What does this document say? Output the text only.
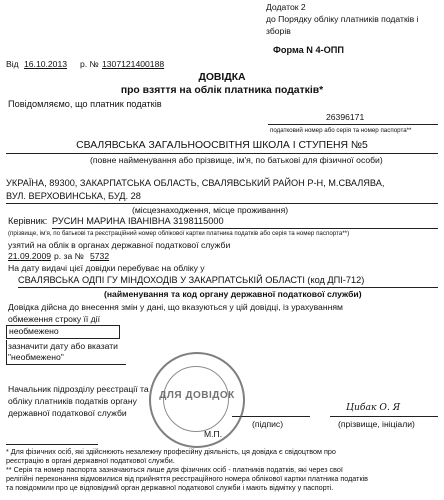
Додаток 2
до Порядку обліку платників податків і
зборів
Форма N 4-ОПП
Від 16.10.2013 р. № 1307121400188
ДОВІДКА
про взяття на облік платника податків*
Повідомляємо, що платник податків
26396171
податковий номер або серія та номер паспорта**
СВАЛЯВСЬКА ЗАГАЛЬНООСВІТНЯ ШКОЛА І СТУПЕНЯ №5
(повне найменування або прізвище, ім'я, по батькові для фізичної особи)
УКРАЇНА, 89300, ЗАКАРПАТСЬКА ОБЛАСТЬ, СВАЛЯВСЬКИЙ РАЙОН Р-Н, М.СВАЛЯВА,
ВУЛ. ВЕРХОВИНСЬКА, БУД. 28
(місцезнаходження, місце проживання)
Керівник: РУСИН МАРИНА ІВАНІВНА 3198115000
(прізвище, ім'я, по батькові та реєстраційний номер облікової картки платника податків або серія та номер паспорта**)
узятий на облік в органах державної податкової служби
21.09.2009 р. за № 5732
На дату видачі цієї довідки перебуває на обліку у
СВАЛЯВСЬКА ОДПІ ГУ МІНДОХОДІВ У ЗАКАРПАТСЬКІЙ ОБЛАСТІ (код ДПІ-712)
(найменування та код органу державної податкової служби)
Довідка дійсна до внесення змін у дані, що вказуються у цій довідці, із урахуванням
обмеження строку її дії
необмежено
зазначити дату або вказати
"необмежено"
Начальник підрозділу реєстрації та
обліку платників податків органу
державної податкової служби
(підпис)
М.П.
Цибак О. Я
(прізвище, ініціали)
ДЛЯ ДОВІДОК
* Для фізичних осіб, які здійснюють незалежну професійну діяльність, ця довідка є свідоцтвом про
реєстрацію в органі державної податкової служби.
** Серія та номер паспорта зазначаються лише для фізичних осіб - платників податків, які через свої
релігійні переконання відмовилися від прийняття реєстраційного номера облікової картки платника податків
та повідомили про це відповідний орган державної податкової служби і мають відмітку у паспорті.
